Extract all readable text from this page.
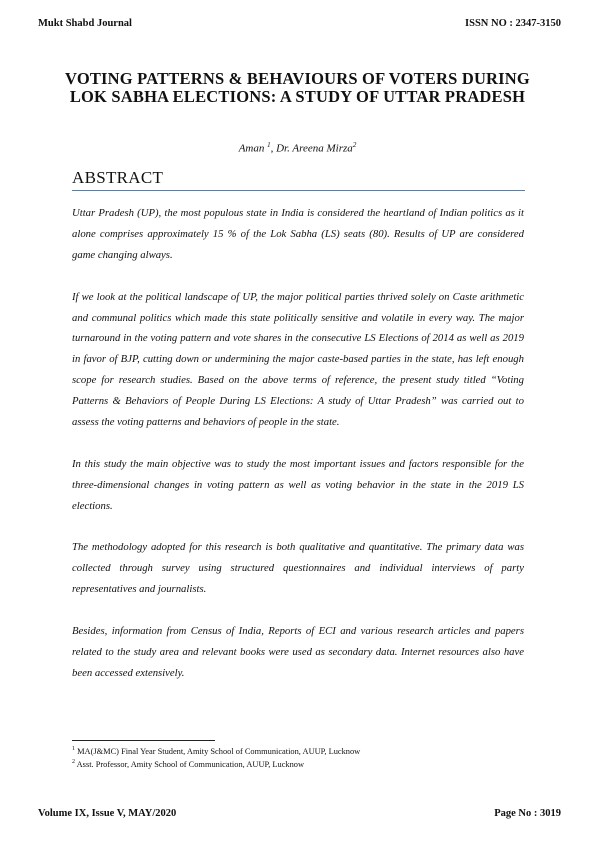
Mukt Shabd Journal	ISSN NO : 2347-3150
VOTING PATTERNS & BEHAVIOURS OF VOTERS DURING LOK SABHA ELECTIONS: A STUDY OF UTTAR PRADESH
Aman $^1$, Dr. Areena Mirza$^2$
ABSTRACT

Uttar Pradesh (UP), the most populous state in India is considered the heartland of Indian politics as it alone comprises approximately 15 % of the Lok Sabha (LS) seats (80). Results of UP are considered game changing always.

If we look at the political landscape of UP, the major political parties thrived solely on Caste arithmetic and communal politics which made this state politically sensitive and volatile in every way. The major turnaround in the voting pattern and vote shares in the consecutive LS Elections of 2014 as well as 2019 in favor of BJP, cutting down or undermining the major caste-based parties in the state, has left enough scope for research studies. Based on the above terms of reference, the present study titled “Voting Patterns & Behaviors of People During LS Elections: A study of Uttar Pradesh” was carried out to assess the voting patterns and behaviors of people in the state.

In this study the main objective was to study the most important issues and factors responsible for the three-dimensional changes in voting pattern as well as voting behavior in the state in the 2019 LS elections.

The methodology adopted for this research is both qualitative and quantitative. The primary data was collected through survey using structured questionnaires and individual interviews of party representatives and journalists.

Besides, information from Census of India, Reports of ECI and various research articles and papers related to the study area and relevant books were used as secondary data. Internet resources also have been accessed extensively.

$^1$ MA(J&MC) Final Year Student, Amity School of Communication, AUUP, Lucknow
$^2$ Asst. Professor, Amity School of Communication, AUUP, Lucknow
Volume IX, Issue V, MAY/2020	Page No : 3019
